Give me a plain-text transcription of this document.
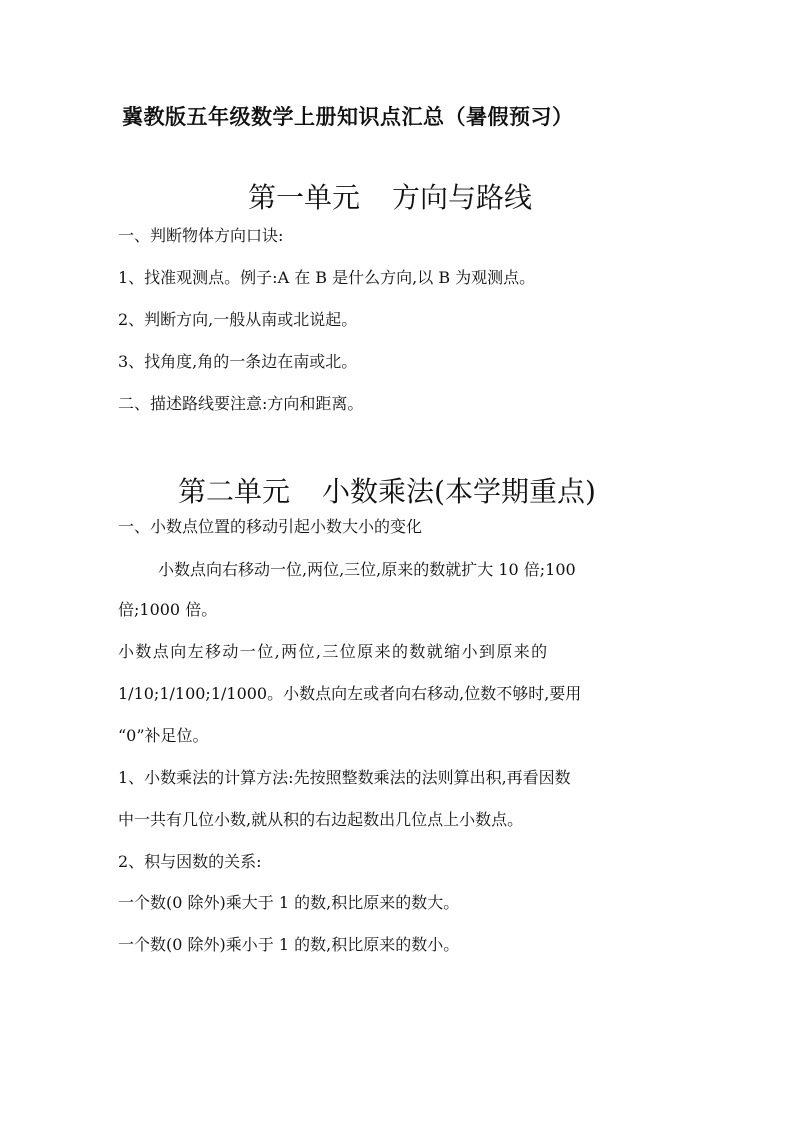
冀教版五年级数学上册知识点汇总（暑假预习）
第一单元 方向与路线
一、判断物体方向口诀:
1、找准观测点。例子:A 在 B 是什么方向,以 B 为观测点。
2、判断方向,一般从南或北说起。
3、找角度,角的一条边在南或北。
二、描述路线要注意:方向和距离。
第二单元 小数乘法(本学期重点)
一、小数点位置的移动引起小数大小的变化
小数点向右移动一位,两位,三位,原来的数就扩大 10 倍;100
倍;1000 倍。
小数点向左移动一位,两位,三位原来的数就缩小到原来的
1/10;1/100;1/1000。小数点向左或者向右移动,位数不够时,要用
“0”补足位。
1、小数乘法的计算方法:先按照整数乘法的法则算出积,再看因数
中一共有几位小数,就从积的右边起数出几位点上小数点。
2、积与因数的关系:
一个数(0 除外)乘大于 1 的数,积比原来的数大。
一个数(0 除外)乘小于 1 的数,积比原来的数小。
